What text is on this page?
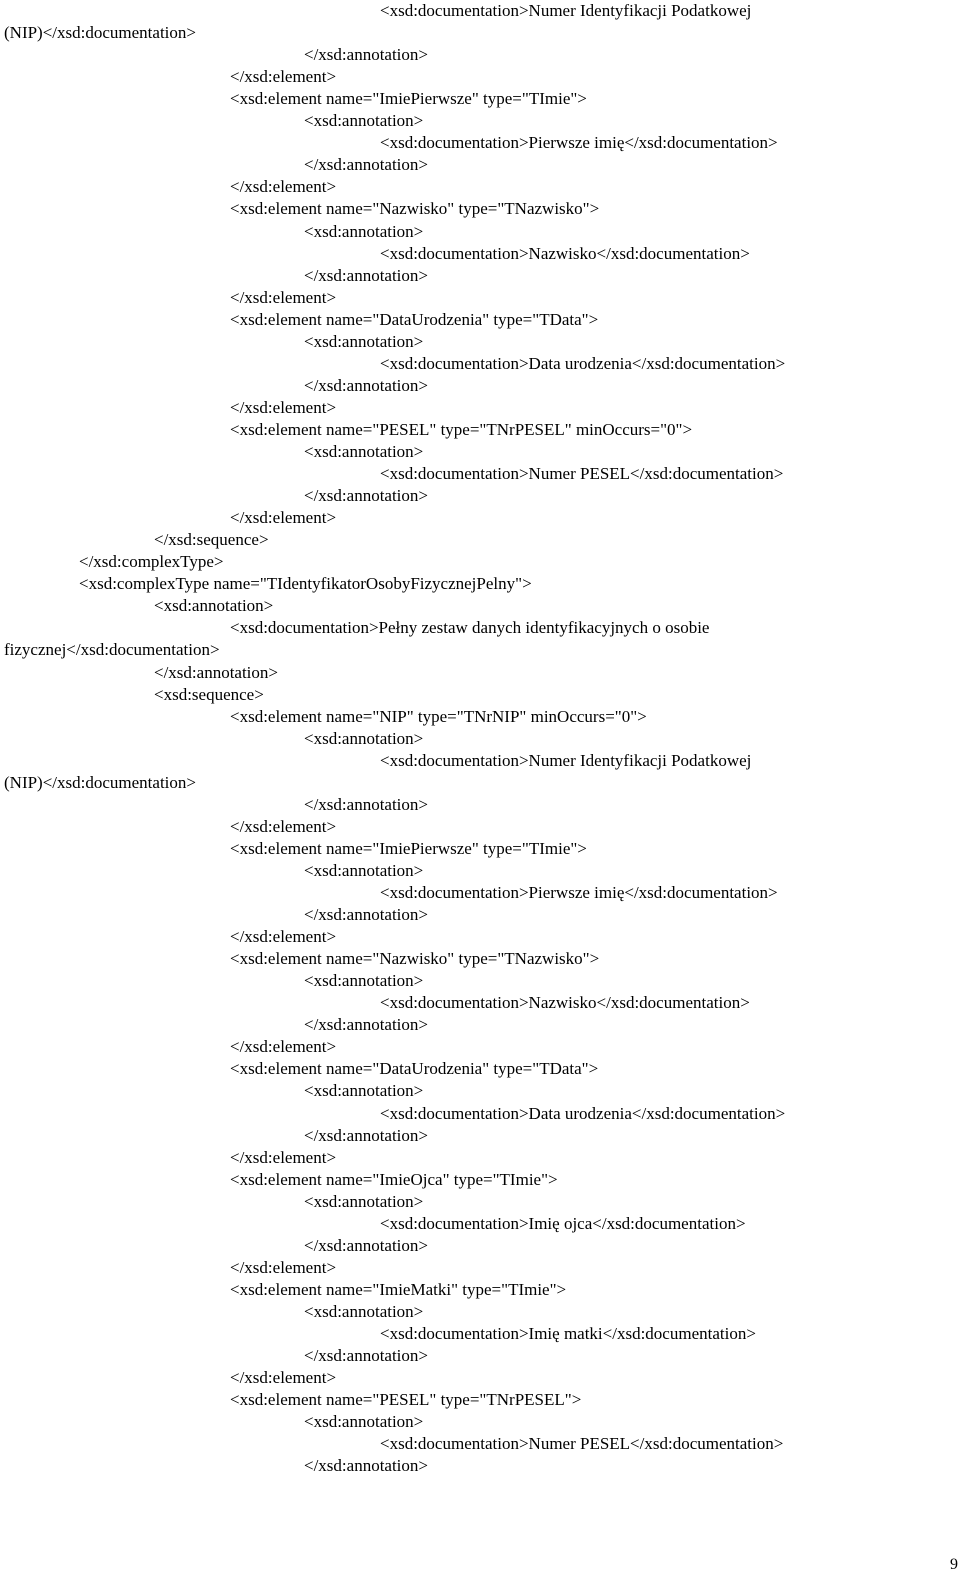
<xsd:documentation>Numer Identyfikacji Podatkowej
(NIP)</xsd:documentation>
</xsd:annotation>
</xsd:element>
<xsd:element name="ImiePierwsze" type="TImie">
<xsd:annotation>
<xsd:documentation>Pierwsze imię</xsd:documentation>
</xsd:annotation>
</xsd:element>
<xsd:element name="Nazwisko" type="TNazwisko">
<xsd:annotation>
<xsd:documentation>Nazwisko</xsd:documentation>
</xsd:annotation>
</xsd:element>
<xsd:element name="DataUrodzenia" type="TData">
<xsd:annotation>
<xsd:documentation>Data urodzenia</xsd:documentation>
</xsd:annotation>
</xsd:element>
<xsd:element name="PESEL" type="TNrPESEL" minOccurs="0">
<xsd:annotation>
<xsd:documentation>Numer PESEL</xsd:documentation>
</xsd:annotation>
</xsd:element>
</xsd:sequence>
</xsd:complexType>
<xsd:complexType name="TIdentyfikatorOsobyFizycznejPelny">
<xsd:annotation>
<xsd:documentation>Pełny zestaw danych identyfikacyjnych o osobie
fizycznej</xsd:documentation>
</xsd:annotation>
<xsd:sequence>
<xsd:element name="NIP" type="TNrNIP" minOccurs="0">
<xsd:annotation>
<xsd:documentation>Numer Identyfikacji Podatkowej
(NIP)</xsd:documentation>
</xsd:annotation>
</xsd:element>
<xsd:element name="ImiePierwsze" type="TImie">
<xsd:annotation>
<xsd:documentation>Pierwsze imię</xsd:documentation>
</xsd:annotation>
</xsd:element>
<xsd:element name="Nazwisko" type="TNazwisko">
<xsd:annotation>
<xsd:documentation>Nazwisko</xsd:documentation>
</xsd:annotation>
</xsd:element>
<xsd:element name="DataUrodzenia" type="TData">
<xsd:annotation>
<xsd:documentation>Data urodzenia</xsd:documentation>
</xsd:annotation>
</xsd:element>
<xsd:element name="ImieOjca" type="TImie">
<xsd:annotation>
<xsd:documentation>Imię ojca</xsd:documentation>
</xsd:annotation>
</xsd:element>
<xsd:element name="ImieMatki" type="TImie">
<xsd:annotation>
<xsd:documentation>Imię matki</xsd:documentation>
</xsd:annotation>
</xsd:element>
<xsd:element name="PESEL" type="TNrPESEL">
<xsd:annotation>
<xsd:documentation>Numer PESEL</xsd:documentation>
</xsd:annotation>
9
